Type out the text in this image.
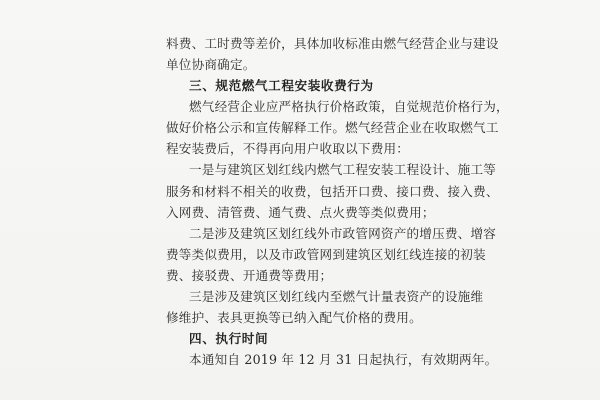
料费、工时费等差价，具体加收标准由燃气经营企业与建设
单位协商确定。
三、规范燃气工程安装收费行为
燃气经营企业应严格执行价格政策，自觉规范价格行为，
做好价格公示和宣传解释工作。燃气经营企业在收取燃气工
程安装费后，不得再向用户收取以下费用：
一是与建筑区划红线内燃气工程安装工程设计、施工等
服务和材料不相关的收费，包括开口费、接口费、接入费、
入网费、清管费、通气费、点火费等类似费用；
二是涉及建筑区划红线外市政管网资产的增压费、增容
费等类似费用，以及市政管网到建筑区划红线连接的初装
费、接驳费、开通费等费用；
三是涉及建筑区划红线内至燃气计量表资产的设施维
修维护、表具更换等已纳入配气价格的费用。
四、执行时间
本通知自 2019 年 12 月 31 日起执行，有效期两年。
